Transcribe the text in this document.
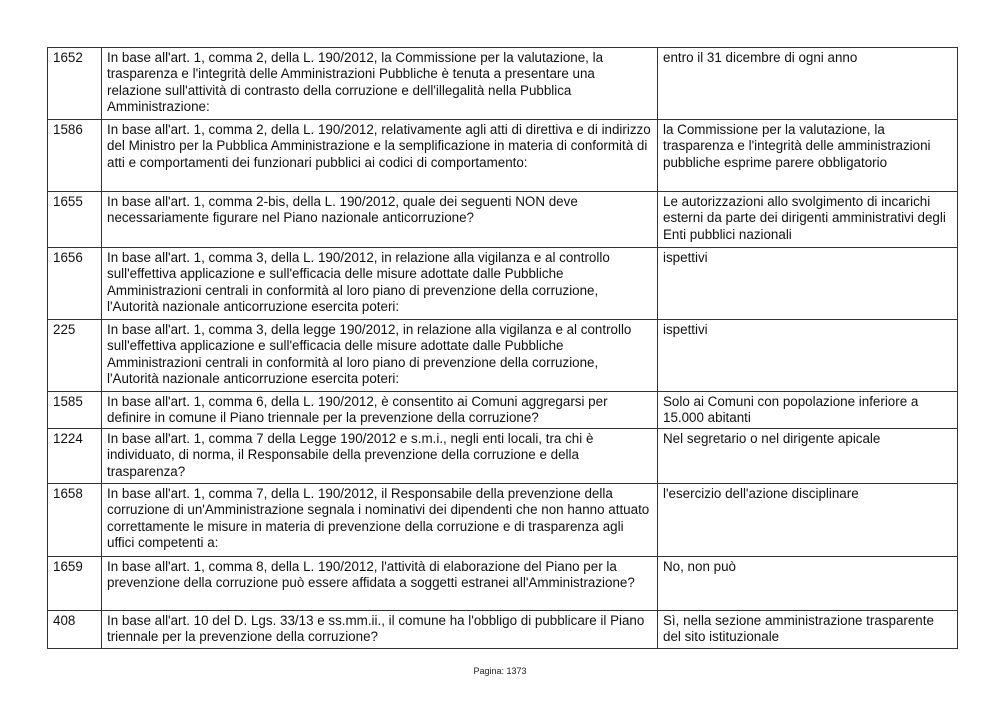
1652	In base all'art. 1, comma 2, della L. 190/2012, la Commissione per la valutazione, la trasparenza e l'integrità delle Amministrazioni Pubbliche è tenuta a presentare una relazione sull'attività di contrasto della corruzione e dell'illegalità nella Pubblica Amministrazione:	entro il 31 dicembre di ogni anno
1586	In base all'art. 1, comma 2, della L. 190/2012, relativamente agli atti di direttiva e di indirizzo del Ministro per la Pubblica Amministrazione e la semplificazione in materia di conformità di atti e comportamenti dei funzionari pubblici ai codici di comportamento:	la Commissione per la valutazione, la trasparenza e l'integrità delle amministrazioni pubbliche esprime parere obbligatorio
1655	In base all'art. 1, comma 2-bis, della L. 190/2012, quale dei seguenti NON deve necessariamente figurare nel Piano nazionale anticorruzione?	Le autorizzazioni allo svolgimento di incarichi esterni da parte dei dirigenti amministrativi degli Enti pubblici nazionali
1656	In base all'art. 1, comma 3, della L. 190/2012, in relazione alla vigilanza e al controllo sull'effettiva applicazione e sull'efficacia delle misure adottate dalle Pubbliche Amministrazioni centrali in conformità al loro piano di prevenzione della corruzione, l'Autorità nazionale anticorruzione esercita poteri:	ispettivi
225	In base all'art. 1, comma 3, della legge 190/2012, in relazione alla vigilanza e al controllo sull'effettiva applicazione e sull'efficacia delle misure adottate dalle Pubbliche Amministrazioni centrali in conformità al loro piano di prevenzione della corruzione, l'Autorità nazionale anticorruzione esercita poteri:	ispettivi
1585	In base all'art. 1, comma 6, della L. 190/2012, è consentito ai Comuni aggregarsi per definire in comune il Piano triennale per la prevenzione della corruzione?	Solo ai Comuni con popolazione inferiore a 15.000 abitanti
1224	In base all'art. 1, comma 7 della Legge 190/2012 e s.m.i., negli enti locali, tra chi è individuato, di norma, il Responsabile della prevenzione della corruzione e della trasparenza?	Nel segretario o nel dirigente apicale
1658	In base all'art. 1, comma 7, della L. 190/2012, il Responsabile della prevenzione della corruzione di un'Amministrazione segnala i nominativi dei dipendenti che non hanno attuato correttamente le misure in materia di prevenzione della corruzione e di trasparenza agli uffici competenti a:	l'esercizio dell'azione disciplinare
1659	In base all'art. 1, comma 8, della L. 190/2012, l'attività di elaborazione del Piano per la prevenzione della corruzione può essere affidata a soggetti estranei all'Amministrazione?	No, non può
408	In base all'art. 10 del D. Lgs. 33/13 e ss.mm.ii., il comune ha l'obbligo di pubblicare il Piano triennale per la prevenzione della corruzione?	Sì, nella sezione amministrazione trasparente del sito istituzionale
Pagina: 1373
